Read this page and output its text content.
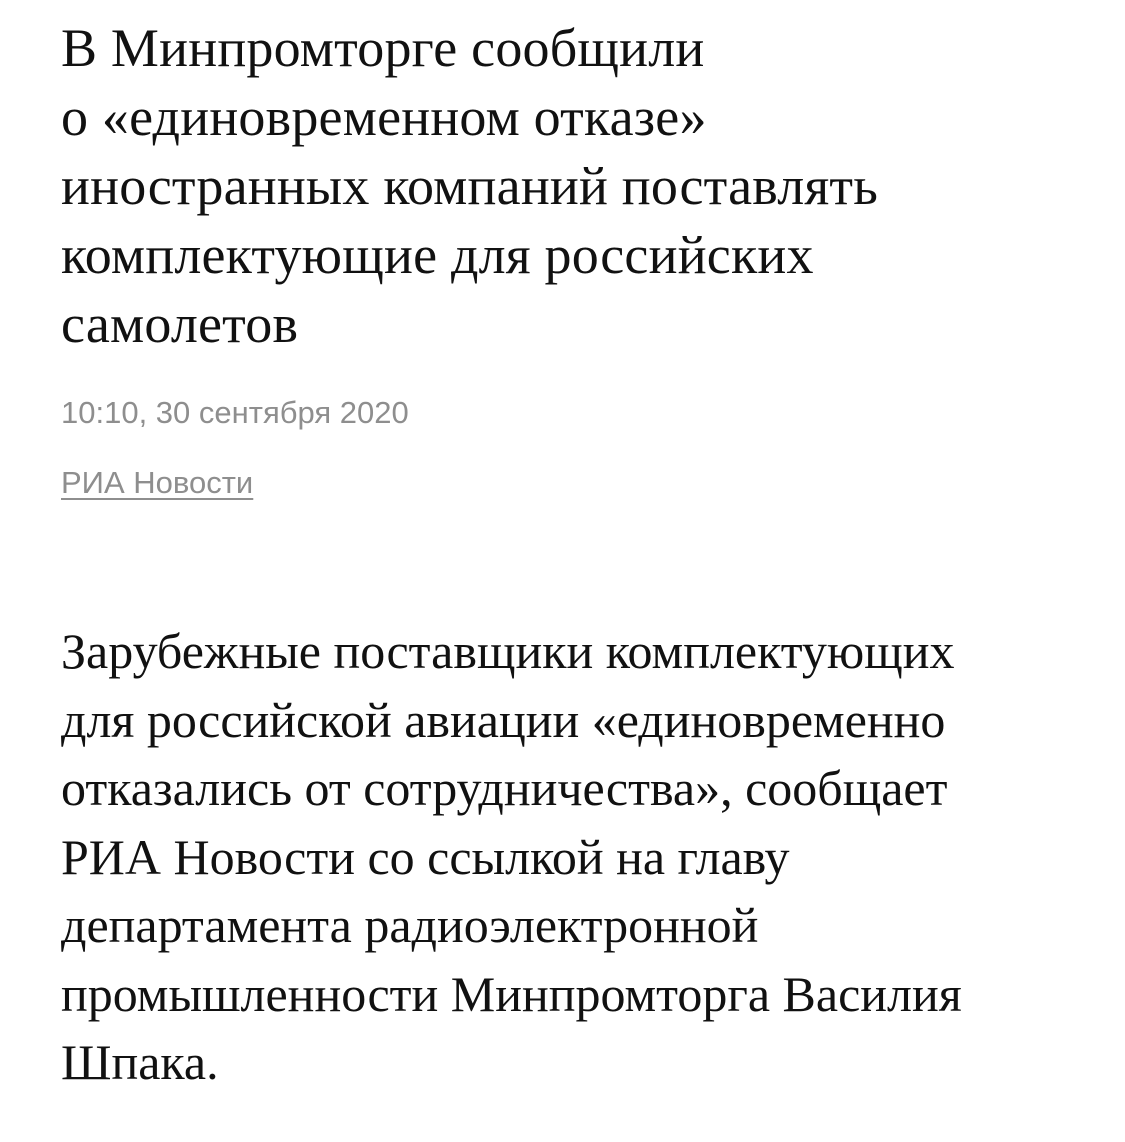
В Минпромторге сообщили
о «единовременном отказе»
иностранных компаний поставлять
комплектующие для российских
самолетов
10:10, 30 сентября 2020
РИА Новости

Зарубежные поставщики комплектующих
для российской авиации «единовременно
отказались от сотрудничества», сообщает
РИА Новости со ссылкой на главу
департамента радиоэлектронной
промышленности Минпромторга Василия
Шпака.
